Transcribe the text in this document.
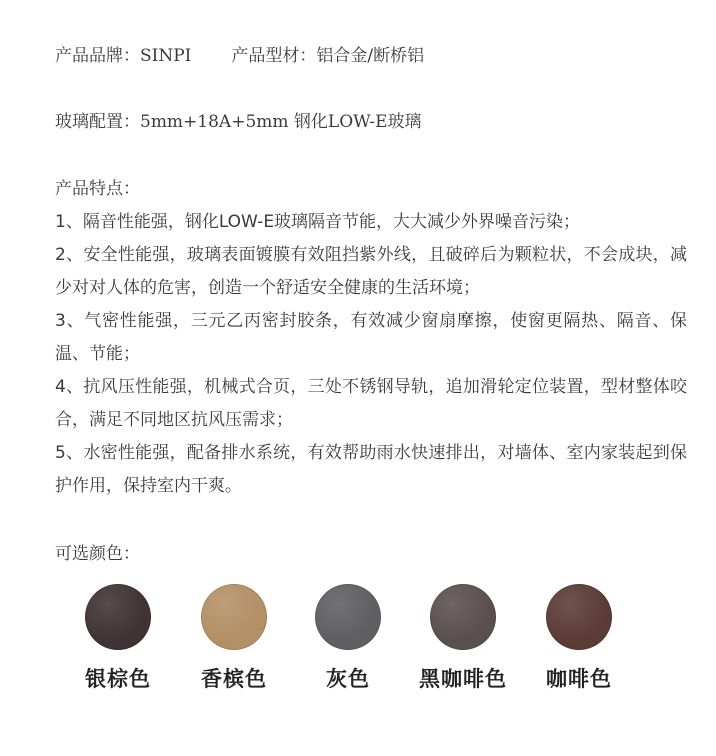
产品品牌：SINPI 产品型材：铝合金/断桥铝
玻璃配置：5mm+18A+5mm 钢化LOW-E玻璃
产品特点：
1、隔音性能强，钢化LOW-E玻璃隔音节能，大大减少外界噪音污染；
2、安全性能强，玻璃表面镀膜有效阻挡紫外线，且破碎后为颗粒状，不会成块，减少对对人体的危害，创造一个舒适安全健康的生活环境；
3、气密性能强，三元乙丙密封胶条，有效减少窗扇摩擦，使窗更隔热、隔音、保温、节能；
4、抗风压性能强，机械式合页，三处不锈钢导轨，追加滑轮定位装置，型材整体咬合，满足不同地区抗风压需求；
5、水密性能强，配备排水系统，有效帮助雨水快速排出，对墙体、室内家装起到保护作用，保持室内干爽。
可选颜色：
银棕色	香槟色	灰色	黑咖啡色	咖啡色
